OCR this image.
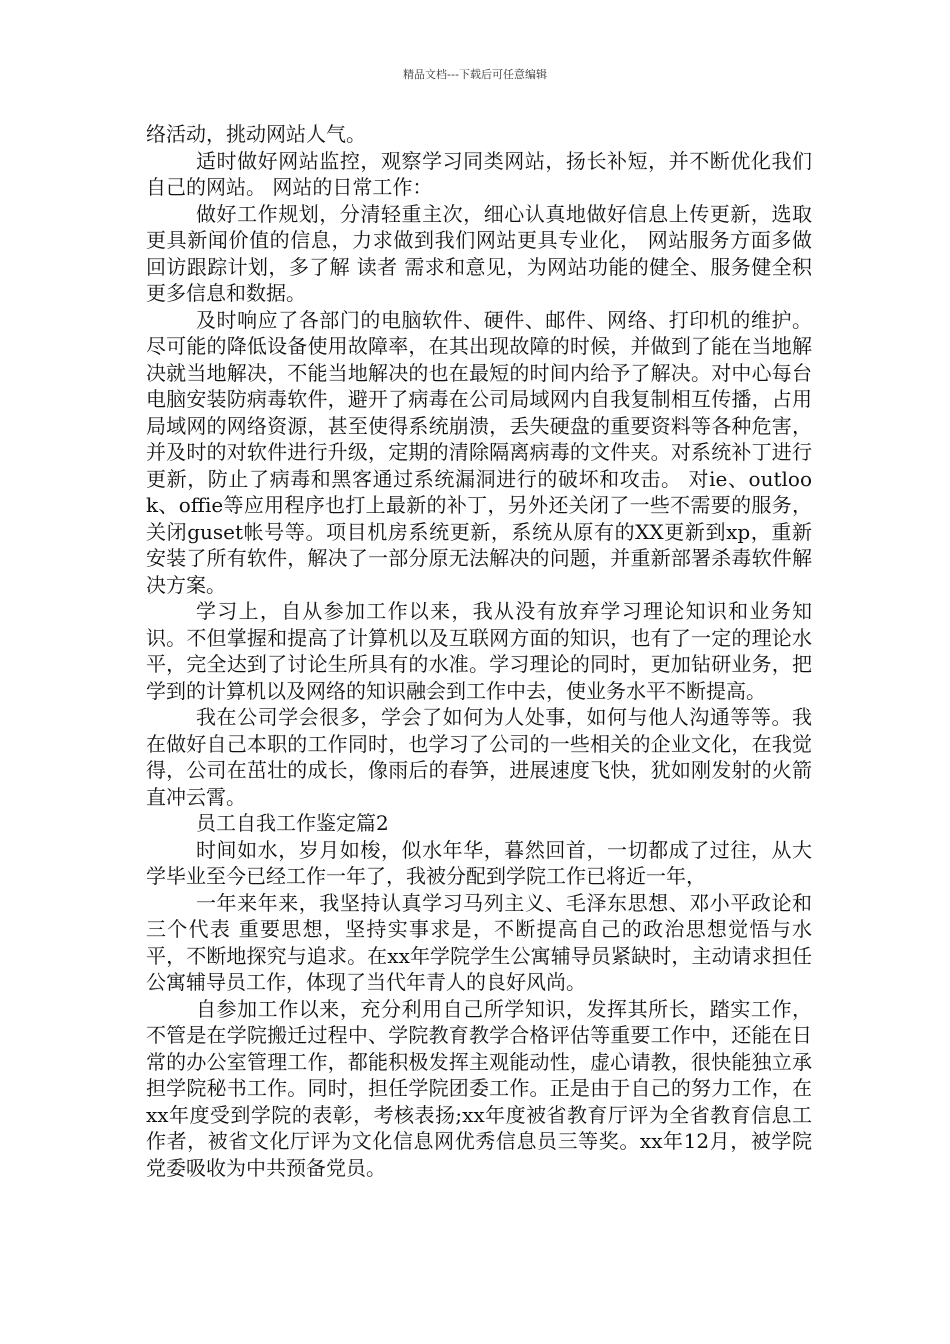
精品文档---下载后可任意编辑

络活动，挑动网站人气。

适时做好网站监控，观察学习同类网站，扬长补短，并不断优化我们自己的网站。 网站的日常工作：

做好工作规划，分清轻重主次，细心认真地做好信息上传更新，选取更具新闻价值的信息，力求做到我们网站更具专业化， 网站服务方面多做回访跟踪计划，多了解 读者 需求和意见，为网站功能的健全、服务健全积更多信息和数据。

及时响应了各部门的电脑软件、硬件、邮件、网络、打印机的维护。尽可能的降低设备使用故障率，在其出现故障的时候，并做到了能在当地解决就当地解决，不能当地解决的也在最短的时间内给予了解决。对中心每台电脑安装防病毒软件，避开了病毒在公司局域网内自我复制相互传播，占用局域网的网络资源，甚至使得系统崩溃，丢失硬盘的重要资料等各种危害，并及时的对软件进行升级，定期的清除隔离病毒的文件夹。对系统补丁进行更新，防止了病毒和黑客通过系统漏洞进行的破坏和攻击。 对ie、outlook、offie等应用程序也打上最新的补丁，另外还关闭了一些不需要的服务，关闭guset帐号等。项目机房系统更新，系统从原有的XX更新到xp，重新安装了所有软件，解决了一部分原无法解决的问题，并重新部署杀毒软件解决方案。

学习上，自从参加工作以来，我从没有放弃学习理论知识和业务知识。不但掌握和提高了计算机以及互联网方面的知识，也有了一定的理论水平，完全达到了讨论生所具有的水准。学习理论的同时，更加钻研业务，把学到的计算机以及网络的知识融会到工作中去，使业务水平不断提高。

我在公司学会很多，学会了如何为人处事，如何与他人沟通等等。我在做好自己本职的工作同时，也学习了公司的一些相关的企业文化，在我觉得，公司在茁壮的成长，像雨后的春笋，进展速度飞快，犹如刚发射的火箭直冲云霄。

员工自我工作鉴定篇2

时间如水，岁月如梭，似水年华，暮然回首，一切都成了过往，从大学毕业至今已经工作一年了，我被分配到学院工作已将近一年，

一年来年来，我坚持认真学习马列主义、毛泽东思想、邓小平政论和 三个代表 重要思想，坚持实事求是，不断提高自己的政治思想觉悟与水平，不断地探究与追求。在xx年学院学生公寓辅导员紧缺时，主动请求担任公寓辅导员工作，体现了当代年青人的良好风尚。

自参加工作以来，充分利用自己所学知识，发挥其所长，踏实工作，不管是在学院搬迁过程中、学院教育教学合格评估等重要工作中，还能在日常的办公室管理工作，都能积极发挥主观能动性，虚心请教，很快能独立承担学院秘书工作。同时，担任学院团委工作。正是由于自己的努力工作，在xx年度受到学院的表彰，考核表扬;xx年度被省教育厅评为全省教育信息工作者，被省文化厅评为文化信息网优秀信息员三等奖。xx年12月，被学院党委吸收为中共预备党员。
